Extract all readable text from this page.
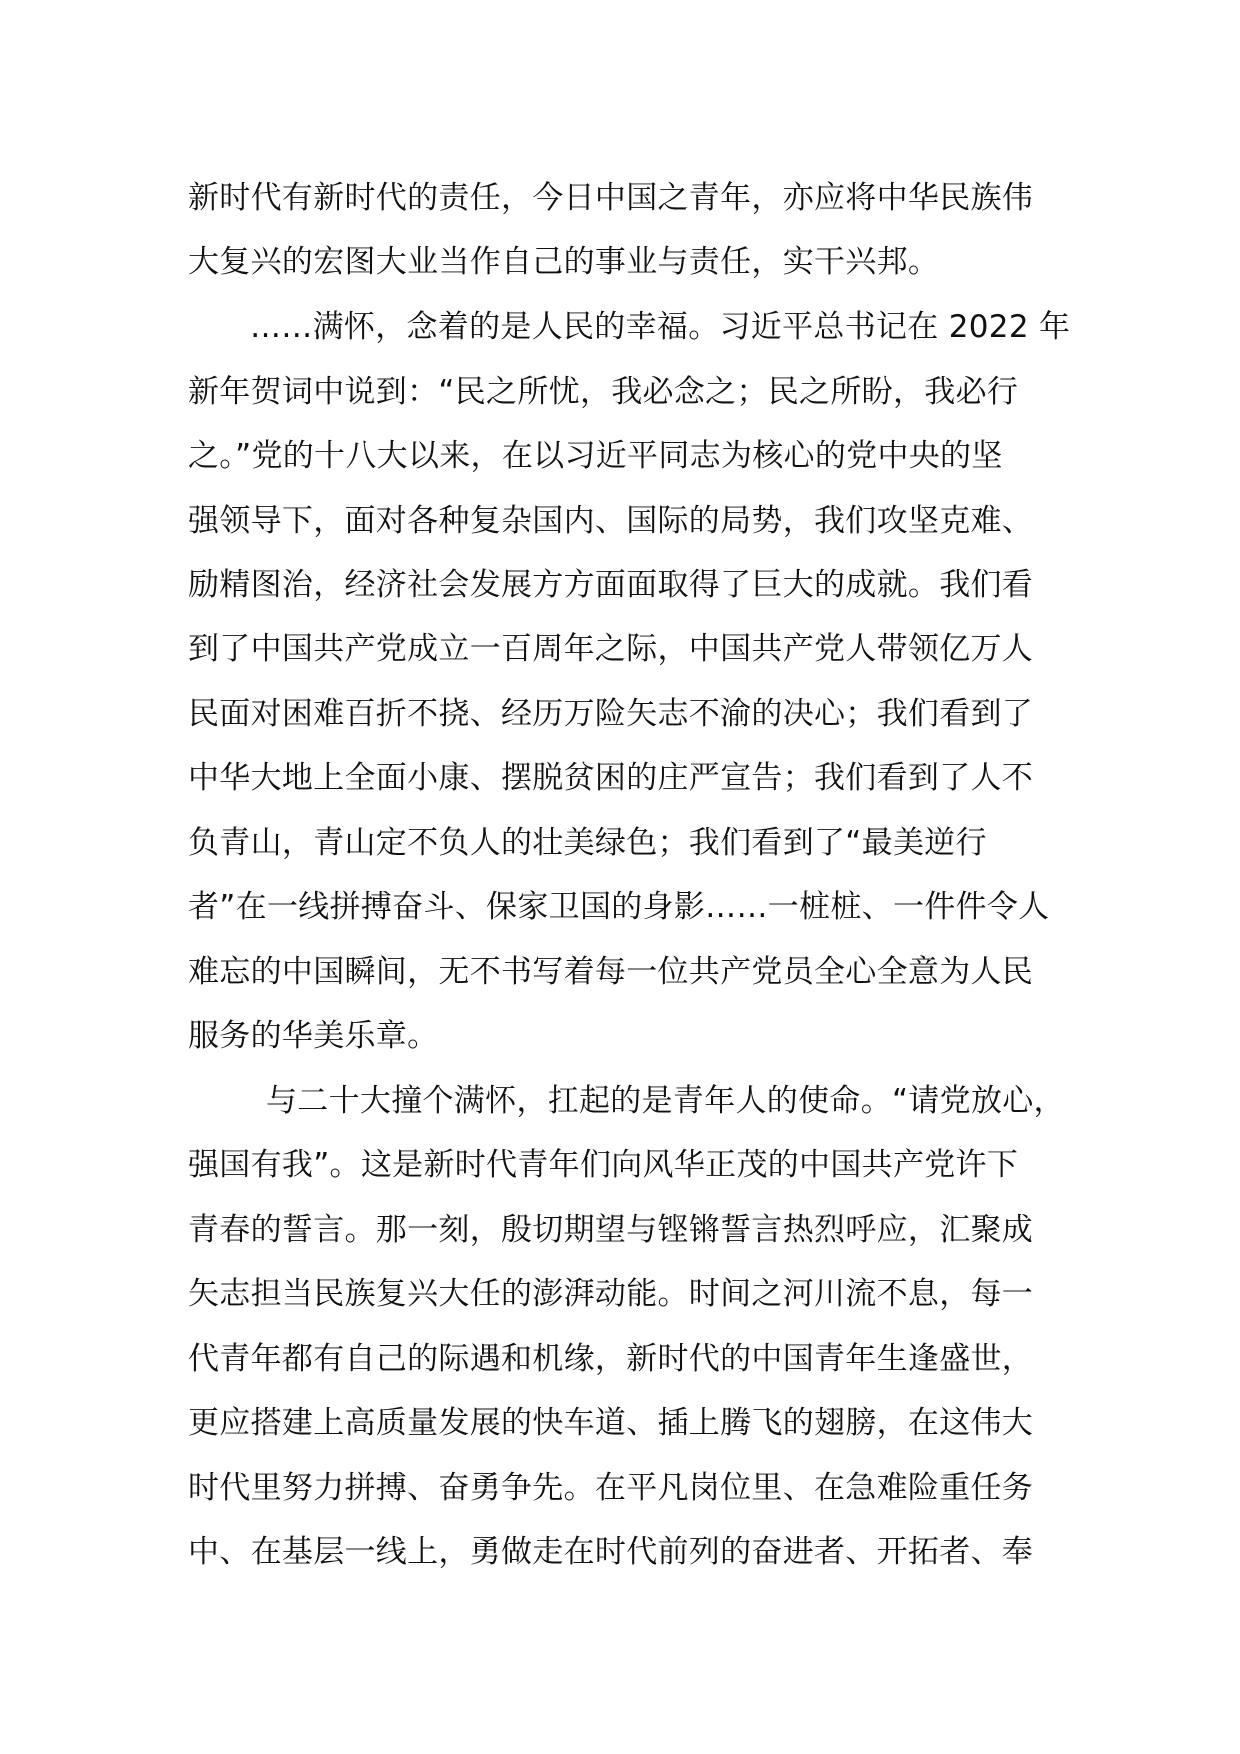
新时代有新时代的责任，今日中国之青年，亦应将中华民族伟
大复兴的宏图大业当作自己的事业与责任，实干兴邦。
……满怀，念着的是人民的幸福。习近平总书记在 2022 年
新年贺词中说到：“民之所忧，我必念之；民之所盼，我必行
之。”党的十八大以来，在以习近平同志为核心的党中央的坚
强领导下，面对各种复杂国内、国际的局势，我们攻坚克难、
励精图治，经济社会发展方方面面取得了巨大的成就。我们看
到了中国共产党成立一百周年之际，中国共产党人带领亿万人
民面对困难百折不挠、经历万险矢志不渝的决心；我们看到了
中华大地上全面小康、摆脱贫困的庄严宣告；我们看到了人不
负青山，青山定不负人的壮美绿色；我们看到了“最美逆行
者”在一线拼搏奋斗、保家卫国的身影……一桩桩、一件件令人
难忘的中国瞬间，无不书写着每一位共产党员全心全意为人民
服务的华美乐章。
与二十大撞个满怀，扛起的是青年人的使命。“请党放心，
强国有我”。这是新时代青年们向风华正茂的中国共产党许下
青春的誓言。那一刻，殷切期望与铿锵誓言热烈呼应，汇聚成
矢志担当民族复兴大任的澎湃动能。时间之河川流不息，每一
代青年都有自己的际遇和机缘，新时代的中国青年生逢盛世，
更应搭建上高质量发展的快车道、插上腾飞的翅膀，在这伟大
时代里努力拼搏、奋勇争先。在平凡岗位里、在急难险重任务
中、在基层一线上，勇做走在时代前列的奋进者、开拓者、奉
